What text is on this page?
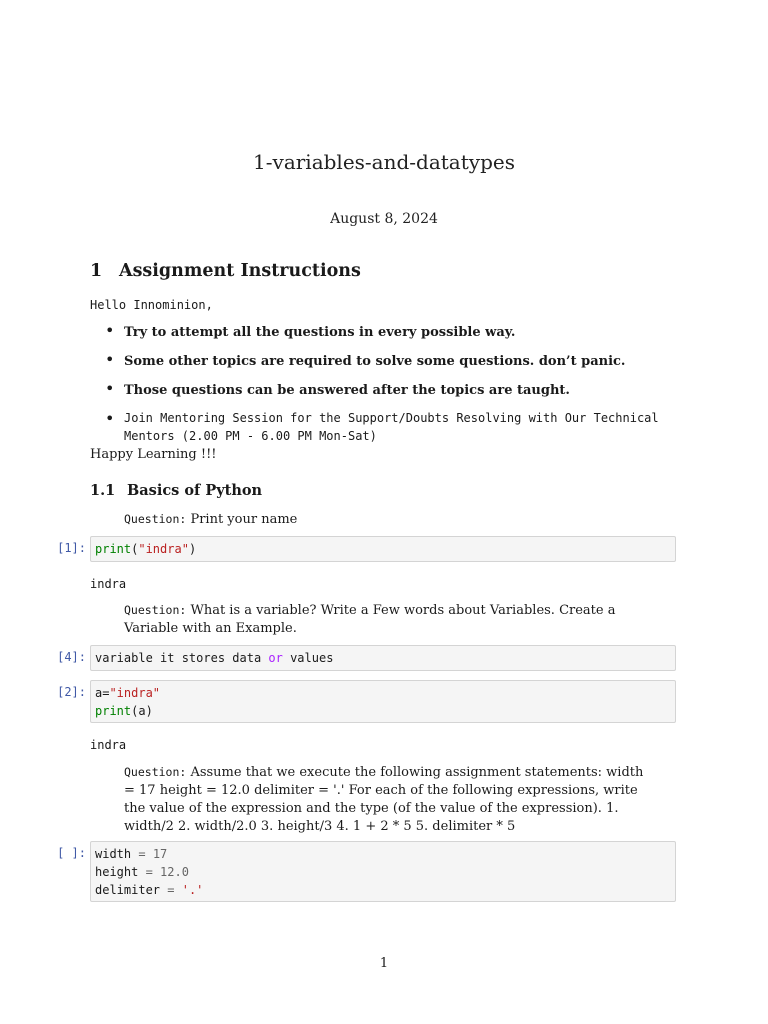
1-variables-and-datatypes
August 8, 2024
1 Assignment Instructions
Hello Innominion,
• Try to attempt all the questions in every possible way.
• Some other topics are required to solve some questions. don’t panic.
• Those questions can be answered after the topics are taught.
• Join Mentoring Session for the Support/Doubts Resolving with Our Technical Mentors (2.00 PM - 6.00 PM Mon-Sat)
Happy Learning !!!
1.1 Basics of Python
Question: Print your name
[1]: print("indra")
indra
Question: What is a variable? Write a Few words about Variables. Create a Variable with an Example.
[4]: variable it stores data or values
[2]: a="indra"
print(a)
indra
Question: Assume that we execute the following assignment statements: width = 17 height = 12.0 delimiter = '.' For each of the following expressions, write the value of the expression and the type (of the value of the expression). 1. width/2 2. width/2.0 3. height/3 4. 1 + 2 * 5 5. delimiter * 5
[ ]: width = 17
height = 12.0
delimiter = '.'
1
